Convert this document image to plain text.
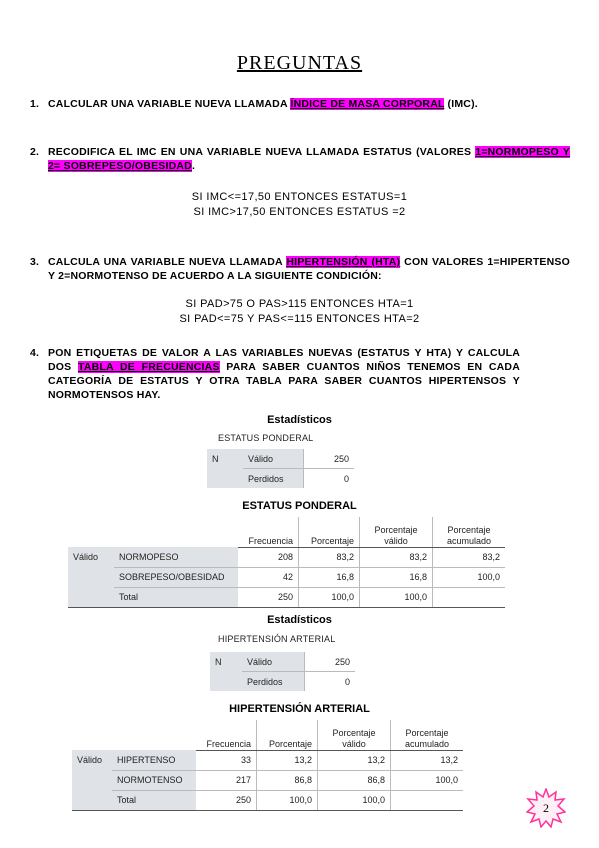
PREGUNTAS
1. CALCULAR UNA VARIABLE NUEVA LLAMADA ÍNDICE DE MASA CORPORAL (IMC).
2. RECODIFICA EL IMC EN UNA VARIABLE NUEVA LLAMADA ESTATUS (VALORES 1=NORMOPESO Y 2= SOBREPESO/OBESIDAD.
SI IMC<=17,50 ENTONCES ESTATUS=1
SI IMC>17,50 ENTONCES ESTATUS =2
3. CALCULA UNA VARIABLE NUEVA LLAMADA HIPERTENSIÓN (HTA) CON VALORES 1=HIPERTENSO Y 2=NORMOTENSO DE ACUERDO A LA SIGUIENTE CONDICIÓN:
SI PAD>75 O PAS>115 ENTONCES HTA=1
SI PAD<=75 Y PAS<=115 ENTONCES HTA=2
4. PON ETIQUETAS DE VALOR A LAS VARIABLES NUEVAS (ESTATUS Y HTA) Y CALCULA DOS TABLA DE FRECUENCIAS PARA SABER CUANTOS NIÑOS TENEMOS EN CADA CATEGORÍA DE ESTATUS Y OTRA TABLA PARA SABER CUANTOS HIPERTENSOS Y NORMOTENSOS HAY.
Estadísticos
ESTATUS PONDERAL
N	Válido	250
	Perdidos	0
ESTATUS PONDERAL
		Frecuencia	Porcentaje	Porcentaje válido	Porcentaje acumulado
Válido	NORMOPESO	208	83,2	83,2	83,2
	SOBREPESO/OBESIDAD	42	16,8	16,8	100,0
	Total	250	100,0	100,0	
Estadísticos
HIPERTENSIÓN ARTERIAL
N	Válido	250
	Perdidos	0
HIPERTENSIÓN ARTERIAL
		Frecuencia	Porcentaje	Porcentaje válido	Porcentaje acumulado
Válido	HIPERTENSO	33	13,2	13,2	13,2
	NORMOTENSO	217	86,8	86,8	100,0
	Total	250	100,0	100,0	
2
